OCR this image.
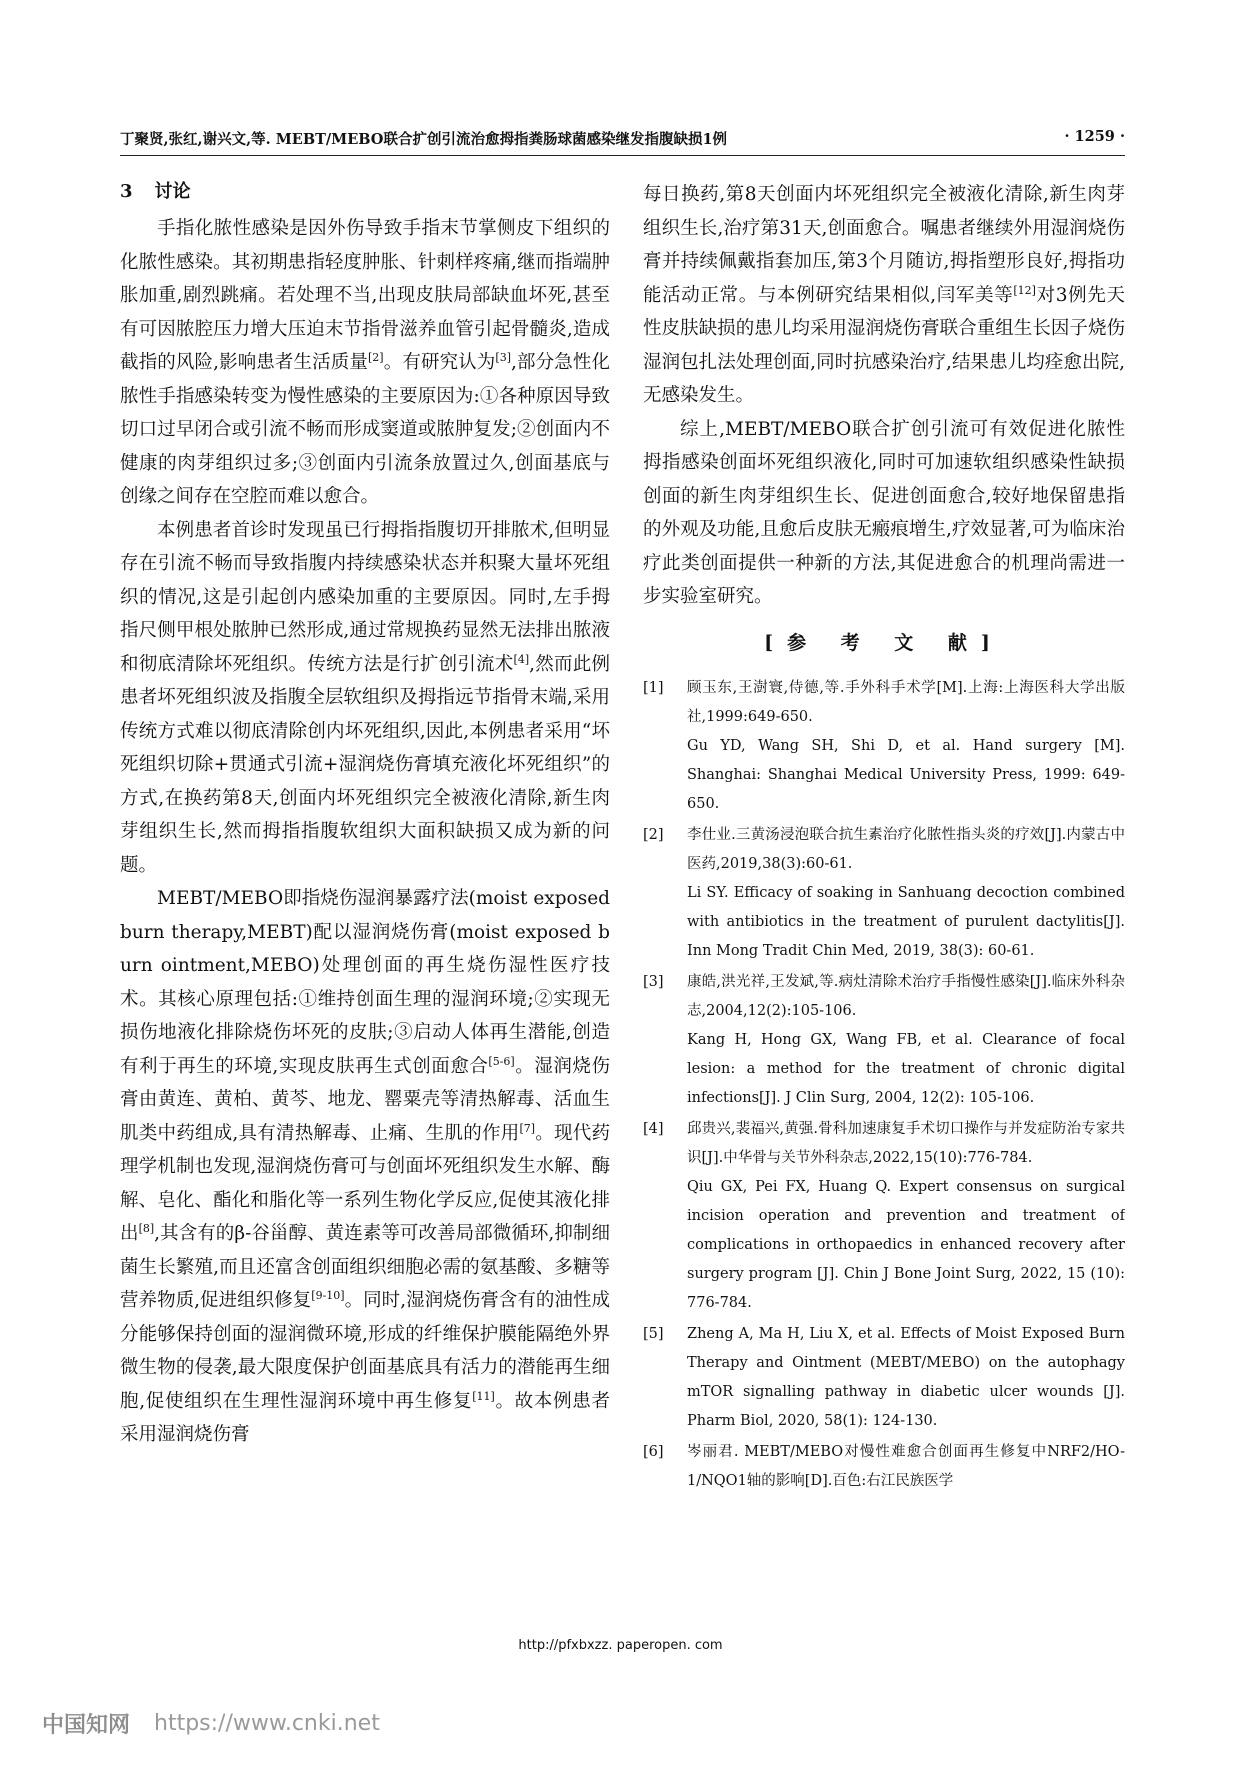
丁聚贤,张红,谢兴文,等. MEBT/MEBO联合扩创引流治愈拇指粪肠球菌感染继发指腹缺损1例	· 1259 ·
3 讨论

手指化脓性感染是因外伤导致手指末节掌侧皮下组织的化脓性感染。其初期患指轻度肿胀、针刺样疼痛,继而指端肿胀加重,剧烈跳痛。若处理不当,出现皮肤局部缺血坏死,甚至有可因脓腔压力增大压迫末节指骨滋养血管引起骨髓炎,造成截指的风险,影响患者生活质量[2]。有研究认为[3],部分急性化脓性手指感染转变为慢性感染的主要原因为:①各种原因导致切口过早闭合或引流不畅而形成窦道或脓肿复发;②创面内不健康的肉芽组织过多;③创面内引流条放置过久,创面基底与创缘之间存在空腔而难以愈合。

本例患者首诊时发现虽已行拇指指腹切开排脓术,但明显存在引流不畅而导致指腹内持续感染状态并积聚大量坏死组织的情况,这是引起创内感染加重的主要原因。同时,左手拇指尺侧甲根处脓肿已然形成,通过常规换药显然无法排出脓液和彻底清除坏死组织。传统方法是行扩创引流术[4],然而此例患者坏死组织波及指腹全层软组织及拇指远节指骨末端,采用传统方式难以彻底清除创内坏死组织,因此,本例患者采用“坏死组织切除+贯通式引流+湿润烧伤膏填充液化坏死组织”的方式,在换药第8天,创面内坏死组织完全被液化清除,新生肉芽组织生长,然而拇指指腹软组织大面积缺损又成为新的问题。

MEBT/MEBO即指烧伤湿润暴露疗法(moist exposed burn therapy,MEBT)配以湿润烧伤膏(moist exposed burn ointment,MEBO)处理创面的再生烧伤湿性医疗技术。其核心原理包括:①维持创面生理的湿润环境;②实现无损伤地液化排除烧伤坏死的皮肤;③启动人体再生潜能,创造有利于再生的环境,实现皮肤再生式创面愈合[5-6]。湿润烧伤膏由黄连、黄柏、黄芩、地龙、罂粟壳等清热解毒、活血生肌类中药组成,具有清热解毒、止痛、生肌的作用[7]。现代药理学机制也发现,湿润烧伤膏可与创面坏死组织发生水解、酶解、皂化、酯化和脂化等一系列生物化学反应,促使其液化排出[8],其含有的β-谷甾醇、黄连素等可改善局部微循环,抑制细菌生长繁殖,而且还富含创面组织细胞必需的氨基酸、多糖等营养物质,促进组织修复[9-10]。同时,湿润烧伤膏含有的油性成分能够保持创面的湿润微环境,形成的纤维保护膜能隔绝外界微生物的侵袭,最大限度保护创面基底具有活力的潜能再生细胞,促使组织在生理性湿润环境中再生修复[11]。故本例患者采用湿润烧伤膏

每日换药,第8天创面内坏死组织完全被液化清除,新生肉芽组织生长,治疗第31天,创面愈合。嘱患者继续外用湿润烧伤膏并持续佩戴指套加压,第3个月随访,拇指塑形良好,拇指功能活动正常。与本例研究结果相似,闫军美等[12]对3例先天性皮肤缺损的患儿均采用湿润烧伤膏联合重组生长因子烧伤湿润包扎法处理创面,同时抗感染治疗,结果患儿均痊愈出院,无感染发生。

综上,MEBT/MEBO联合扩创引流可有效促进化脓性拇指感染创面坏死组织液化,同时可加速软组织感染性缺损创面的新生肉芽组织生长、促进创面愈合,较好地保留患指的外观及功能,且愈后皮肤无瘢痕增生,疗效显著,可为临床治疗此类创面提供一种新的方法,其促进愈合的机理尚需进一步实验室研究。

[参 考 文 献]
[1]	顾玉东,王澍寰,侍德,等.手外科手术学[M].上海:上海医科大学出版社,1999:649-650.
Gu YD, Wang SH, Shi D, et al. Hand surgery [M]. Shanghai: Shanghai Medical University Press, 1999: 649-650.
[2]	李仕业.三黄汤浸泡联合抗生素治疗化脓性指头炎的疗效[J].内蒙古中医药,2019,38(3):60-61.
Li SY. Efficacy of soaking in Sanhuang decoction combined with antibiotics in the treatment of purulent dactylitis[J]. Inn Mong Tradit Chin Med, 2019, 38(3): 60-61.
[3]	康皓,洪光祥,王发斌,等.病灶清除术治疗手指慢性感染[J].临床外科杂志,2004,12(2):105-106.
Kang H, Hong GX, Wang FB, et al. Clearance of focal lesion: a method for the treatment of chronic digital infections[J]. J Clin Surg, 2004, 12(2): 105-106.
[4]	邱贵兴,裴福兴,黄强.骨科加速康复手术切口操作与并发症防治专家共识[J].中华骨与关节外科杂志,2022,15(10):776-784.
Qiu GX, Pei FX, Huang Q. Expert consensus on surgical incision operation and prevention and treatment of complications in orthopaedics in enhanced recovery after surgery program [J]. Chin J Bone Joint Surg, 2022, 15 (10): 776-784.
[5]	Zheng A, Ma H, Liu X, et al. Effects of Moist Exposed Burn Therapy and Ointment (MEBT/MEBO) on the autophagy mTOR signalling pathway in diabetic ulcer wounds [J]. Pharm Biol, 2020, 58(1): 124-130.
[6]	岑丽君. MEBT/MEBO对慢性难愈合创面再生修复中NRF2/HO-1/NQO1轴的影响[D].百色:右江民族医学
http://pfxbxzz. paperopen. com
中国知网 https://www.cnki.net
